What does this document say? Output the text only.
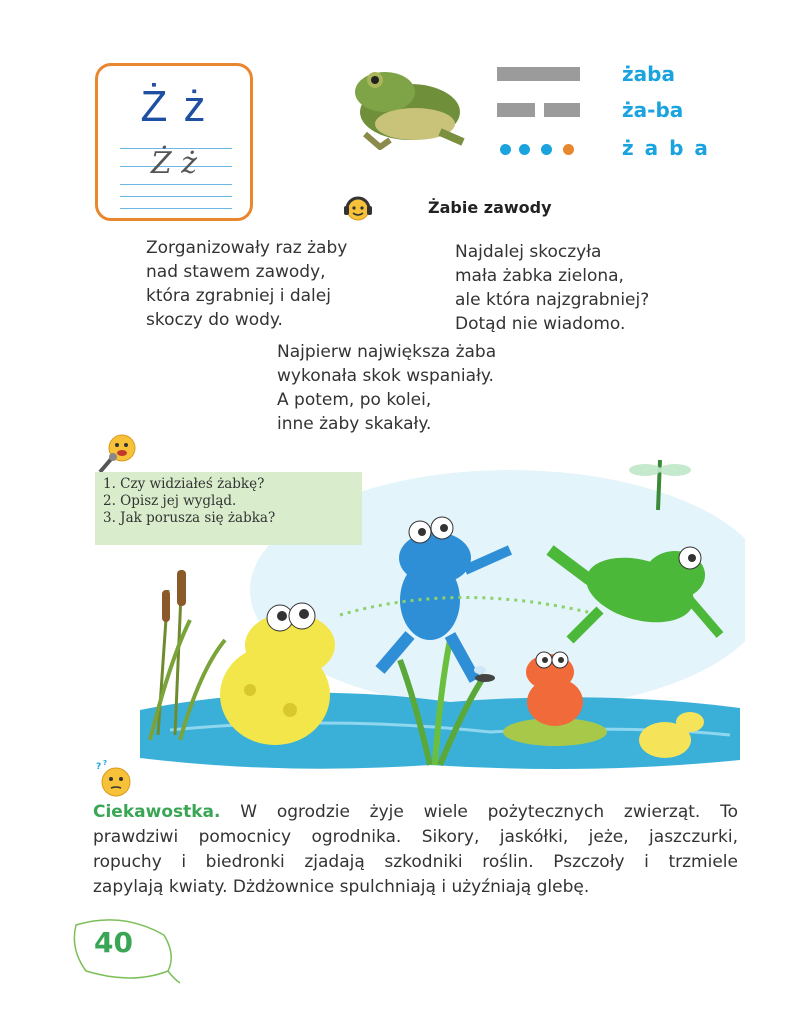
Ż ż
Ż ż
żaba
ża-ba
ż a b a
Żabie zawody
Zorganizowały raz żaby
nad stawem zawody,
która zgrabniej i dalej
skoczy do wody.
Najdalej skoczyła
mała żabka zielona,
ale która najzgrabniej?
Dotąd nie wiadomo.
Najpierw największa żaba
wykonała skok wspaniały.
A potem, po kolei,
inne żaby skakały.
1. Czy widziałeś żabkę?
2. Opisz jej wygląd.
3. Jak porusza się żabka?
? ?
Ciekawostka. W ogrodzie żyje wiele pożytecznych zwierząt. To
prawdziwi pomocnicy ogrodnika. Sikory, jaskółki, jeże, jaszczurki,
ropuchy i biedronki zjadają szkodniki roślin. Pszczoły i trzmiele
zapylają kwiaty. Dżdżownice spulchniają i użyźniają glebę.
40
